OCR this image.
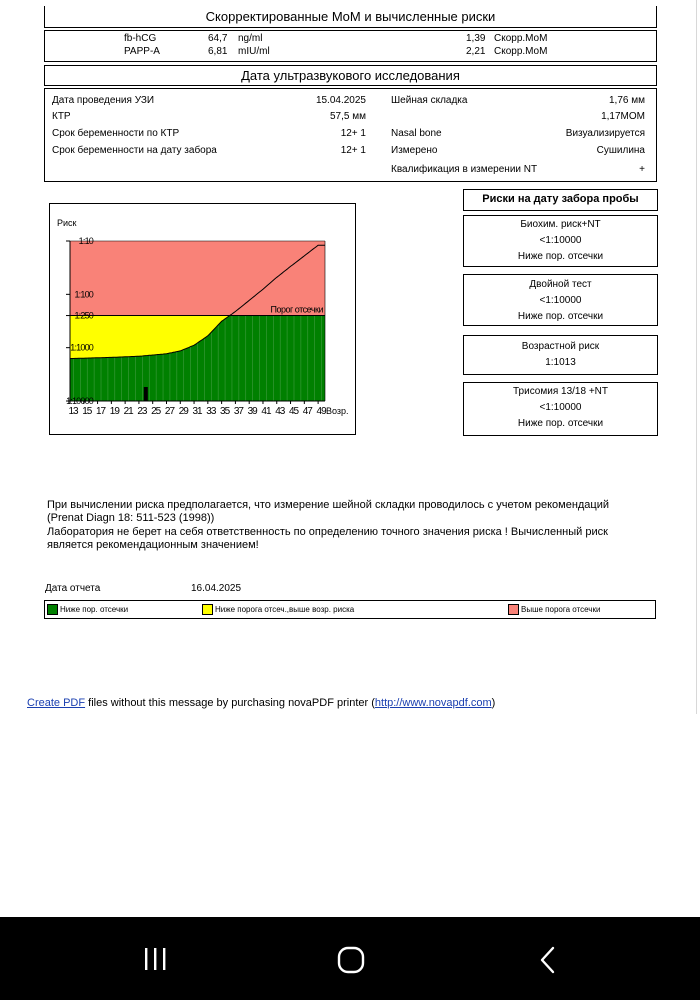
Скорректированные MoM и вычисленные риски
fb-hCG	64,7 ng/ml	1,39 Скорр.MoM
PAPP-A	6,81 mIU/ml	2,21 Скорр.MoM
Дата ультразвукового исследования
Дата проведения УЗИ	15.04.2025
КТР	57,5 мм
Срок беременности по КТР	12+ 1
Срок беременности на дату забора	12+ 1
Шейная складка	1,76 мм
1,17MOM
Nasal bone	Визуализируется
Измерено	Сушилина
Квалификация в измерении NT	+
Порог отсечки
Риск
1:10
1:100
1:250
1:1000
1:10000
13 15 17 19 21 23 25 27 29 31 33 35 37 39 41 43 45 47 49 Возр.
Риски на дату забора пробы
Биохим. риск+NT
<1:10000
Ниже пор. отсечки
Двойной тест
<1:10000
Ниже пор. отсечки
Возрастной риск
1:1013
Трисомия 13/18 +NT
<1:10000
Ниже пор. отсечки
При вычислении риска предполагается, что измерение шейной складки проводилось с учетом рекомендаций
(Prenat Diagn 18: 511-523 (1998))
Лаборатория не берет на себя ответственность по определению точного значения риска ! Вычисленный риск
является рекомендационным значением!
Дата отчета	16.04.2025
Ниже пор. отсечки	Ниже порога отсеч.,выше возр. риска	Выше порога отсечки
Create PDF files without this message by purchasing novaPDF printer (http://www.novapdf.com)
